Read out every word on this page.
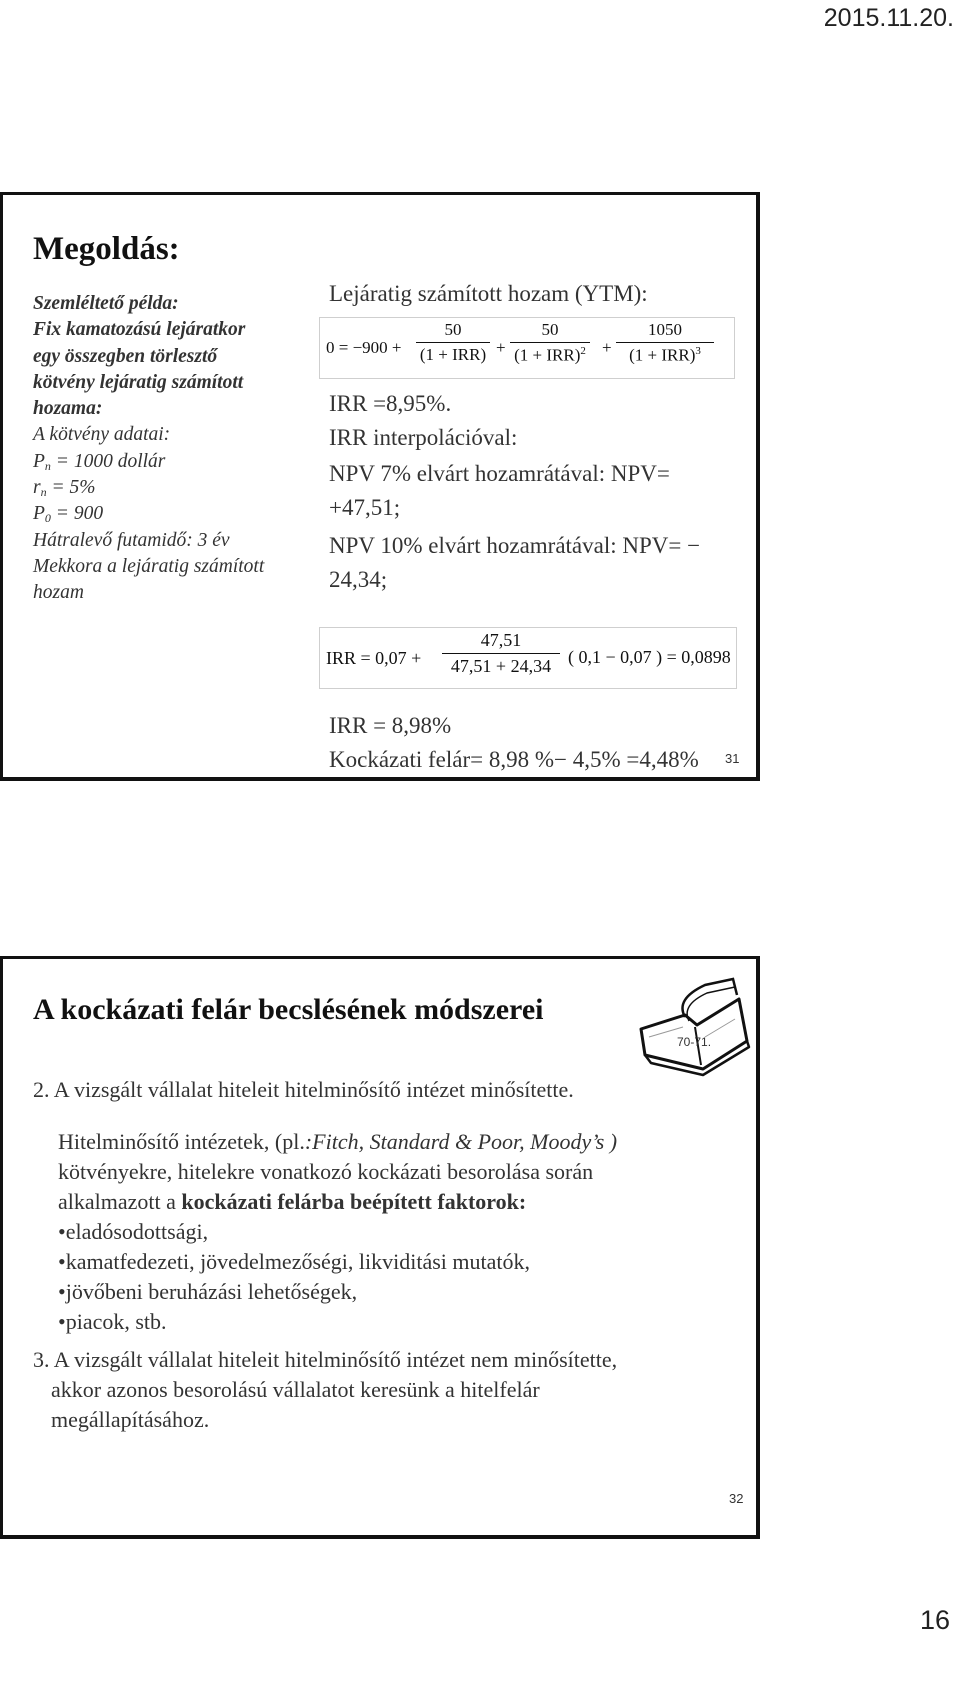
2015.11.20.
Megoldás:
Szemléltető példa:
Fix kamatozású lejáratkor
egy összegben törlesztő
kötvény lejáratig számított
hozama:
A kötvény adatai:
$P_n = 1000$ dollár
$r_n = 5\%$
$P_0 = 900$
Hátralevő futamidő: 3 év
Mekkora a lejáratig számított
hozam
Lejáratig számított hozam (YTM):
0 = −900 +
50
(1 + IRR) +
50
(1 + IRR)$^2$ +
1050
(1 + IRR)$^3$
IRR =8,95%.
IRR interpolációval:
NPV 7% elvárt hozamrátával: NPV=
+47,51;
NPV 10% elvárt hozamrátával: NPV= −
24,34;
IRR = $0,07 + \frac{47,51}{47,51 + 24,34}$ ( 0,1 − 0,07 ) = 0,0898
IRR = 8,98%
Kockázati felár= 8,98 %− 4,5% =4,48% 31
A kockázati felár becslésének módszerei
70-71.
2. A vizsgált vállalat hiteleit hitelminősítő intézet minősítette.
Hitelminősítő intézetek, (pl.:Fitch, Standard & Poor, Moody’s )
kötvényekre, hitelekre vonatkozó kockázati besorolása során
alkalmazott a kockázati felárba beépített faktorok:
•eladósodottsági,
•kamatfedezeti, jövedelmezőségi, likviditási mutatók,
•jövőbeni beruházási lehetőségek,
•piacok, stb.
3. A vizsgált vállalat hiteleit hitelminősítő intézet nem minősítette,
akkor azonos besorolású vállalatot keresünk a hitelfelár
megállapításához.
32
16
